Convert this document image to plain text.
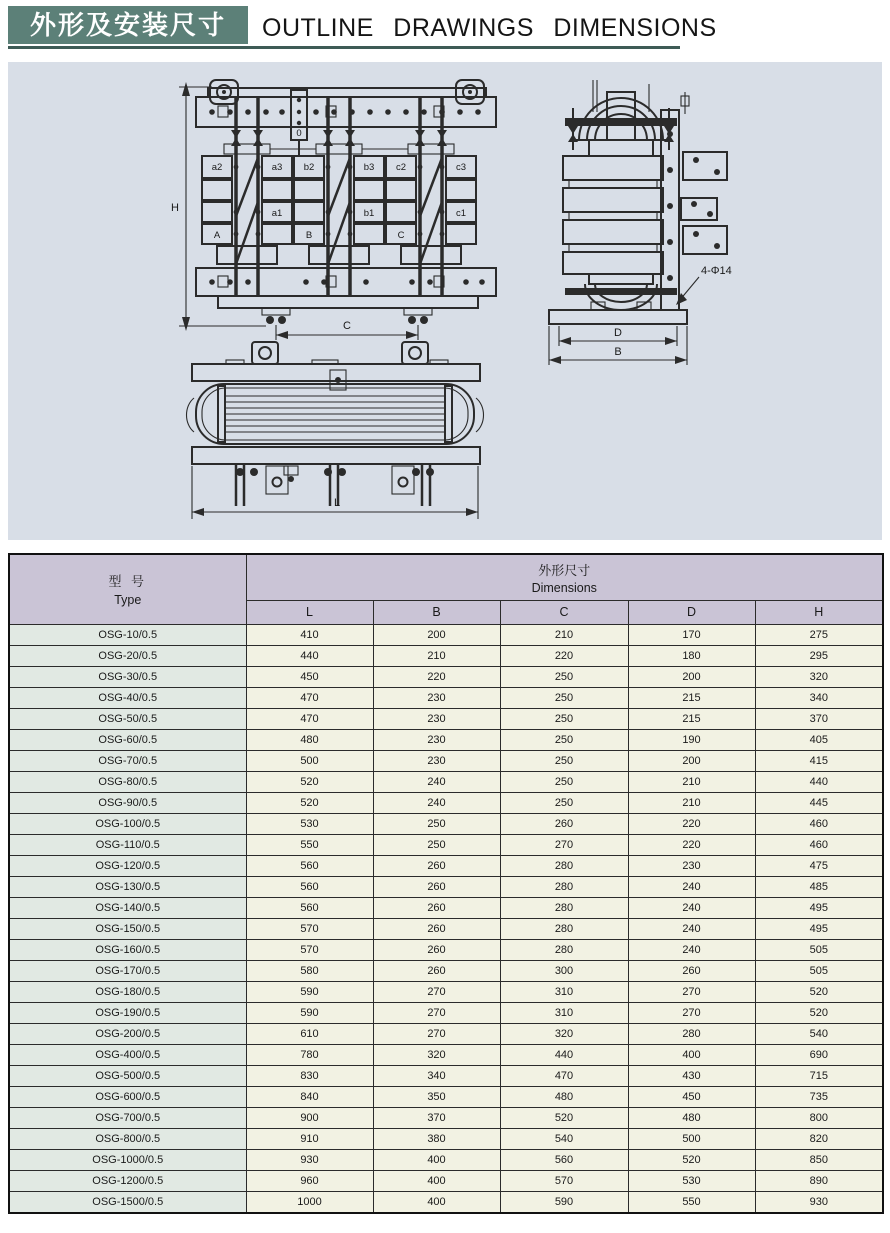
外形及安装尺寸	OUTLINE DRAWINGS DIMENSIONS
H
0
a2	a3 b2	b3 c2	c3
a1	b1	c1
A	B	C
C
4-Φ14
D
B
L
型 号
Type

外形尺寸
Dimensions

	L	B	C	D	H
OSG-10/0.5	410	200	210	170	275
OSG-20/0.5	440	210	220	180	295
OSG-30/0.5	450	220	250	200	320
OSG-40/0.5	470	230	250	215	340
OSG-50/0.5	470	230	250	215	370
OSG-60/0.5	480	230	250	190	405
OSG-70/0.5	500	230	250	200	415
OSG-80/0.5	520	240	250	210	440
OSG-90/0.5	520	240	250	210	445
OSG-100/0.5	530	250	260	220	460
OSG-110/0.5	550	250	270	220	460
OSG-120/0.5	560	260	280	230	475
OSG-130/0.5	560	260	280	240	485
OSG-140/0.5	560	260	280	240	495
OSG-150/0.5	570	260	280	240	495
OSG-160/0.5	570	260	280	240	505
OSG-170/0.5	580	260	300	260	505
OSG-180/0.5	590	270	310	270	520
OSG-190/0.5	590	270	310	270	520
OSG-200/0.5	610	270	320	280	540
OSG-400/0.5	780	320	440	400	690
OSG-500/0.5	830	340	470	430	715
OSG-600/0.5	840	350	480	450	735
OSG-700/0.5	900	370	520	480	800
OSG-800/0.5	910	380	540	500	820
OSG-1000/0.5	930	400	560	520	850
OSG-1200/0.5	960	400	570	530	890
OSG-1500/0.5	1000	400	590	550	930
